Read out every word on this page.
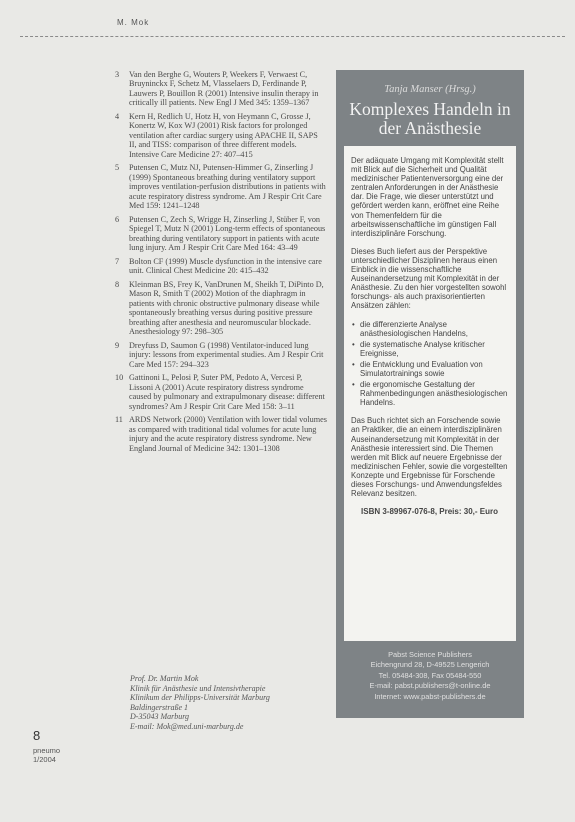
M. Mok
3	Van den Berghe G, Wouters P, Weekers F, Verwaest C, Bruyninckx F, Schetz M, Vlasselaers D, Ferdinande P, Lauwers P, Bouillon R (2001) Intensive insulin therapy in critically ill patients. New Engl J Med 345: 1359–1367
4	Kern H, Redlich U, Hotz H, von Heymann C, Grosse J, Konertz W, Kox WJ (2001) Risk factors for prolonged ventilation after cardiac surgery using APACHE II, SAPS II, and TISS: comparison of three different models. Intensive Care Medicine 27: 407–415
5	Putensen C, Mutz NJ, Putensen-Himmer G, Zinserling J (1999) Spontaneous breathing during ventilatory support improves ventilation-perfusion distributions in patients with acute respiratory distress syndrome. Am J Respir Crit Care Med 159: 1241–1248
6	Putensen C, Zech S, Wrigge H, Zinserling J, Stüber F, von Spiegel T, Mutz N (2001) Long-term effects of spontaneous breathing during ventilatory support in patients with acute lung injury. Am J Respir Crit Care Med 164: 43–49
7	Bolton CF (1999) Muscle dysfunction in the intensive care unit. Clinical Chest Medicine 20: 415–432
8	Kleinman BS, Frey K, VanDrunen M, Sheikh T, DiPinto D, Mason R, Smith T (2002) Motion of the diaphragm in patients with chronic obstructive pulmonary disease while spontaneously breathing versus during positive pressure breathing after anesthesia and neuromuscular blockade. Anesthesiology 97: 298–305
9	Dreyfuss D, Saumon G (1998) Ventilator-induced lung injury: lessons from experimental studies. Am J Respir Crit Care Med 157: 294–323
10 Gattinoni L, Pelosi P, Suter PM, Pedoto A, Vercesi P, Lissoni A (2001) Acute respiratory distress syndrome caused by pulmonary and extrapulmonary disease: different syndromes? Am J Respir Crit Care Med 158: 3–11
11 ARDS Network (2000) Ventilation with lower tidal volumes as compared with traditional tidal volumes for acute lung injury and the acute respiratory distress syndrome. New England Journal of Medicine 342: 1301–1308
Prof. Dr. Martin Mok
Klinik für Anästhesie und Intensivtherapie
Klinikum der Philipps-Universität Marburg
Baldingerstraße 1
D-35043 Marburg
E-mail: Mok@med.uni-marburg.de
8
pneumo
1/2004
Tanja Manser (Hrsg.)
Komplexes Handeln in
der Anästhesie

Der adäquate Umgang mit Komplexität stellt mit Blick auf die Sicherheit und Qualität medizinischer Patientenversorgung eine der zentralen Anforderungen in der Anästhesie dar. Die Frage, wie dieser unterstützt und gefördert werden kann, eröffnet eine Reihe von Themenfeldern für die arbeitswissenschaftliche im günstigen Fall interdisziplinäre Forschung.

Dieses Buch liefert aus der Perspektive unterschiedlicher Disziplinen heraus einen Einblick in die wissenschaftliche Auseinandersetzung mit Komplexität in der Anästhesie. Zu den hier vorgestellten sowohl forschungs- als auch praxisorientierten Ansätzen zählen:

• die differenzierte Analyse anästhesiologischen Handelns,
• die systematische Analyse kritischer Ereignisse,
• die Entwicklung und Evaluation von Simulatortrainings sowie
• die ergonomische Gestaltung der Rahmenbedingungen anästhesiologischen Handelns.

Das Buch richtet sich an Forschende sowie an Praktiker, die an einem interdisziplinären Auseinandersetzung mit Komplexität in der Anästhesie interessiert sind. Die Themen werden mit Blick auf neuere Ergebnisse der medizinischen Fehler, sowie die vorgestellten Konzepte und Ergebnisse für Forschende dieses Forschungs- und Anwendungsfeldes Relevanz besitzen.

ISBN 3-89967-076-8, Preis: 30,- Euro
Pabst Science Publishers
Eichengrund 28, D-49525 Lengerich
Tel. 05484-308, Fax 05484-550
E-mail: pabst.publishers@t-online.de
Internet: www.pabst-publishers.de
